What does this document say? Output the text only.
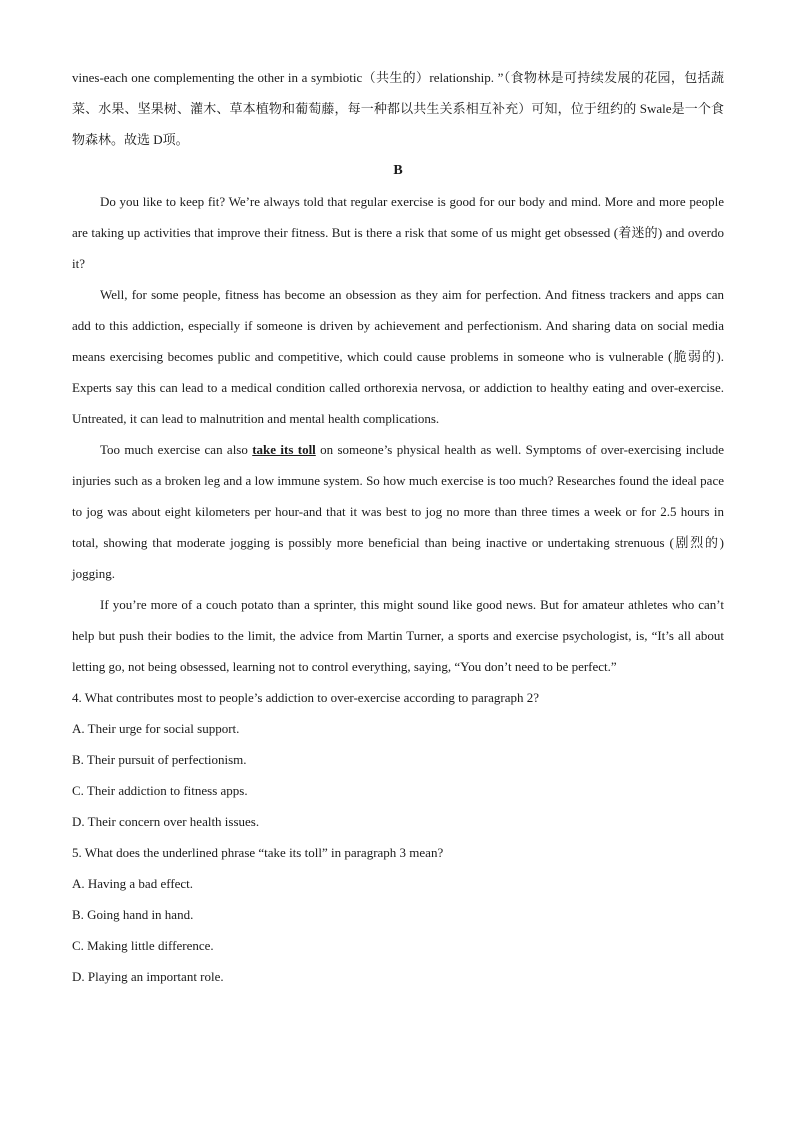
vines-each one complementing the other in a symbiotic（共生的）relationship. ”（食物林是可持续发展的花园，包括蔬菜、水果、坚果树、灌木、草本植物和葡萄藤，每一种都以共生关系相互补充）可知，位于纽约的 Swale是一个食物森林。故选 D项。

B

Do you like to keep fit? We’re always told that regular exercise is good for our body and mind. More and more people are taking up activities that improve their fitness. But is there a risk that some of us might get obsessed (着迷的) and overdo it?

Well, for some people, fitness has become an obsession as they aim for perfection. And fitness trackers and apps can add to this addiction, especially if someone is driven by achievement and perfectionism. And sharing data on social media means exercising becomes public and competitive, which could cause problems in someone who is vulnerable (脆弱的). Experts say this can lead to a medical condition called orthorexia nervosa, or addiction to healthy eating and over-exercise. Untreated, it can lead to malnutrition and mental health complications.

Too much exercise can also take its toll on someone’s physical health as well. Symptoms of over-exercising include injuries such as a broken leg and a low immune system. So how much exercise is too much? Researches found the ideal pace to jog was about eight kilometers per hour-and that it was best to jog no more than three times a week or for 2.5 hours in total, showing that moderate jogging is possibly more beneficial than being inactive or undertaking strenuous (剧烈的) jogging.

If you’re more of a couch potato than a sprinter, this might sound like good news. But for amateur athletes who can’t help but push their bodies to the limit, the advice from Martin Turner, a sports and exercise psychologist, is, “It’s all about letting go, not being obsessed, learning not to control everything, saying, “You don’t need to be perfect.”

4. What contributes most to people’s addiction to over-exercise according to paragraph 2?

A. Their urge for social support.

B. Their pursuit of perfectionism.

C. Their addiction to fitness apps.

D. Their concern over health issues.

5. What does the underlined phrase “take its toll” in paragraph 3 mean?

A. Having a bad effect.

B. Going hand in hand.

C. Making little difference.

D. Playing an important role.
